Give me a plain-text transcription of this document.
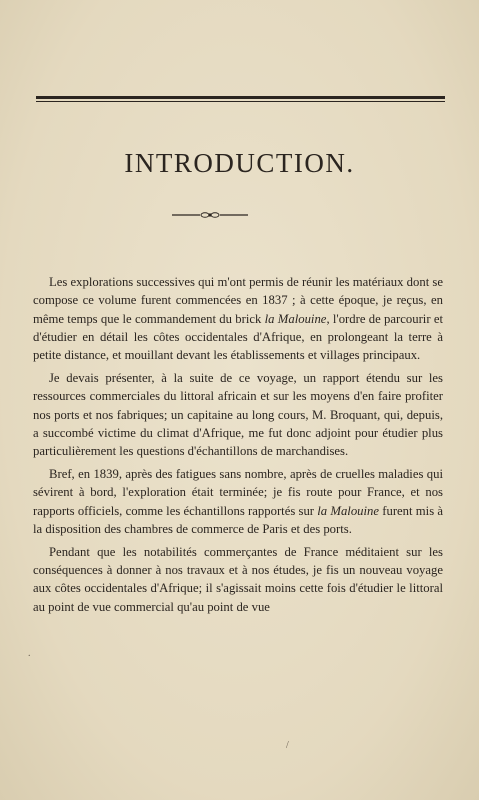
INTRODUCTION.

Les explorations successives qui m'ont permis de réunir les matériaux dont se compose ce volume furent commencées en 1837 ; à cette époque, je reçus, en même temps que le commandement du brick la Malouine, l'ordre de parcourir et d'étudier en détail les côtes occidentales d'Afrique, en prolongeant la terre à petite distance, et mouillant devant les établissements et villages principaux.

Je devais présenter, à la suite de ce voyage, un rapport étendu sur les ressources commerciales du littoral africain et sur les moyens d'en faire profiter nos ports et nos fabriques; un capitaine au long cours, M. Broquant, qui, depuis, a succombé victime du climat d'Afrique, me fut donc adjoint pour étudier plus particulièrement les questions d'échantillons de marchandises.

Bref, en 1839, après des fatigues sans nombre, après de cruelles maladies qui sévirent à bord, l'exploration était terminée; je fis route pour France, et nos rapports officiels, comme les échantillons rapportés sur la Malouine furent mis à la disposition des chambres de commerce de Paris et des ports.

Pendant que les notabilités commerçantes de France méditaient sur les conséquences à donner à nos travaux et à nos études, je fis un nouveau voyage aux côtes occidentales d'Afrique; il s'agissait moins cette fois d'étudier le littoral au point de vue commercial qu'au point de vue

.
/
